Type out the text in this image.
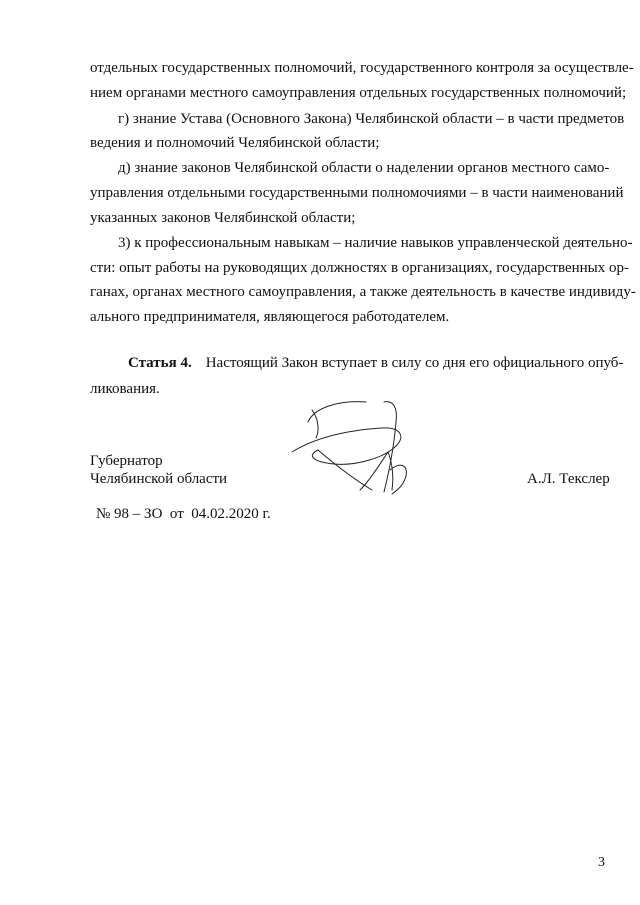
отдельных государственных полномочий, государственного контроля за осуществле-
нием органами местного самоуправления отдельных государственных полномочий;
г) знание Устава (Основного Закона) Челябинской области – в части предметов
ведения и полномочий Челябинской области;
д) знание законов Челябинской области о наделении органов местного само-
управления отдельными государственными полномочиями – в части наименований
указанных законов Челябинской области;
3) к профессиональным навыкам – наличие навыков управленческой деятельно-
сти: опыт работы на руководящих должностях в организациях, государственных ор-
ганах, органах местного самоуправления, а также деятельность в качестве индивиду-
ального предпринимателя, являющегося работодателем.
Статья 4. Настоящий Закон вступает в силу со дня его официального опуб-
ликования.
Губернатор
Челябинской области	А.Л. Текслер
№ 98 – ЗО  от  04.02.2020 г.
3
